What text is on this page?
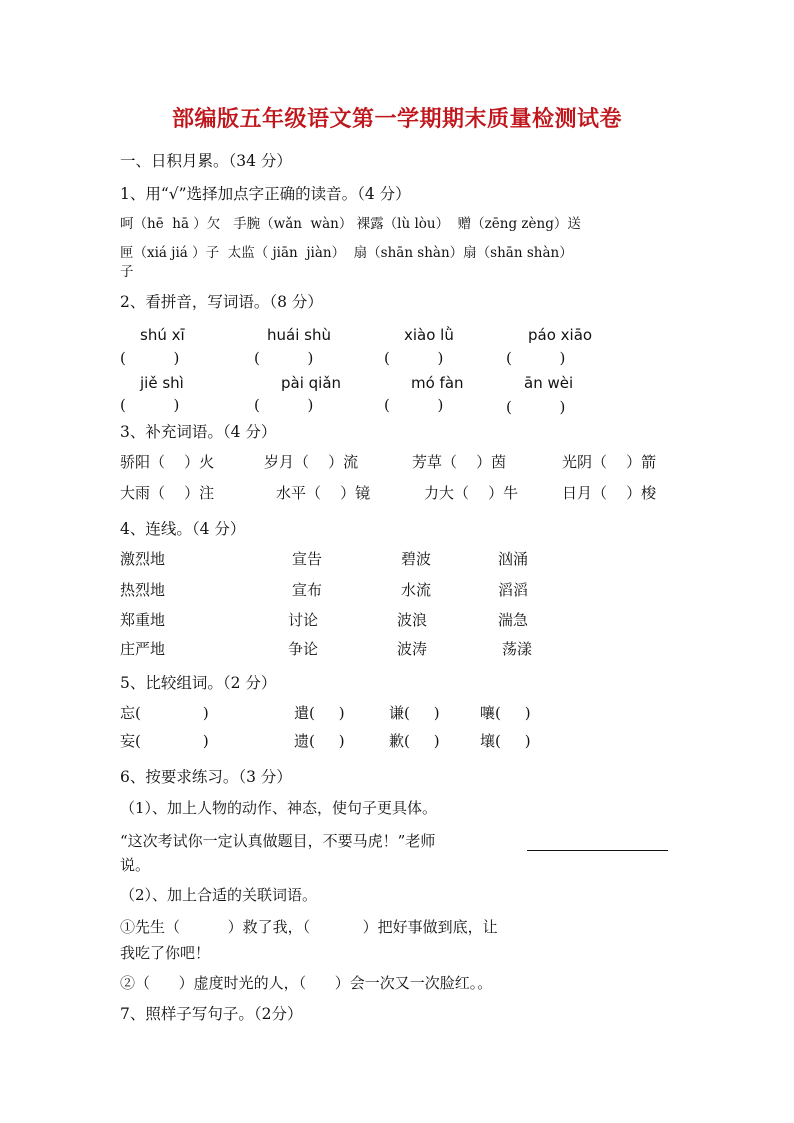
部编版五年级语文第一学期期末质量检测试卷
一、日积月累。（34 分）
1、用“√”选择加点字正确的读音。（4 分）
呵（hē  hā ）欠   手腕（wǎn  wàn） 裸露（lù lòu）  赠（zēng zèng）送
匣（xiá jiá ）子  太监（ jiān  jiàn）  扇（shān shàn）扇（shān shàn）
子
2、看拼音，写词语。（8 分）
shú xī	huái shù	xiào lǜ	páo xiāo
(          )	(          )	(          )	(          )
jiě shì	pài qiǎn	mó fàn	ān wèi
(          )	(          )	(          )	(          )
3、补充词语。（4 分）
骄阳（    ）火	岁月（    ）流	芳草（    ）茵	光阴（    ）箭
大雨（    ）注	水平（    ）镜	力大（    ）牛	日月（    ）梭
4、连线。（4 分）
激烈地	宣告	碧波	汹涌
热烈地	宣布	水流	滔滔
郑重地	讨论	波浪	湍急
庄严地	争论	波涛	荡漾
5、比较组词。（2 分）
忘(             )	遣(     )	谦(     )	嚷(     )
妄(             )	遗(     )	歉(     )	壤(     )
6、按要求练习。（3 分）
（1）、加上人物的动作、神态，使句子更具体。
“这次考试你一定认真做题目，不要马虎！”老师
说。
（2）、加上合适的关联词语。
①先生（          ）救了我，（           ）把好事做到底，让
我吃了你吧！
②（      ）虚度时光的人，（      ）会一次又一次脸红。。
7、照样子写句子。（2分）
